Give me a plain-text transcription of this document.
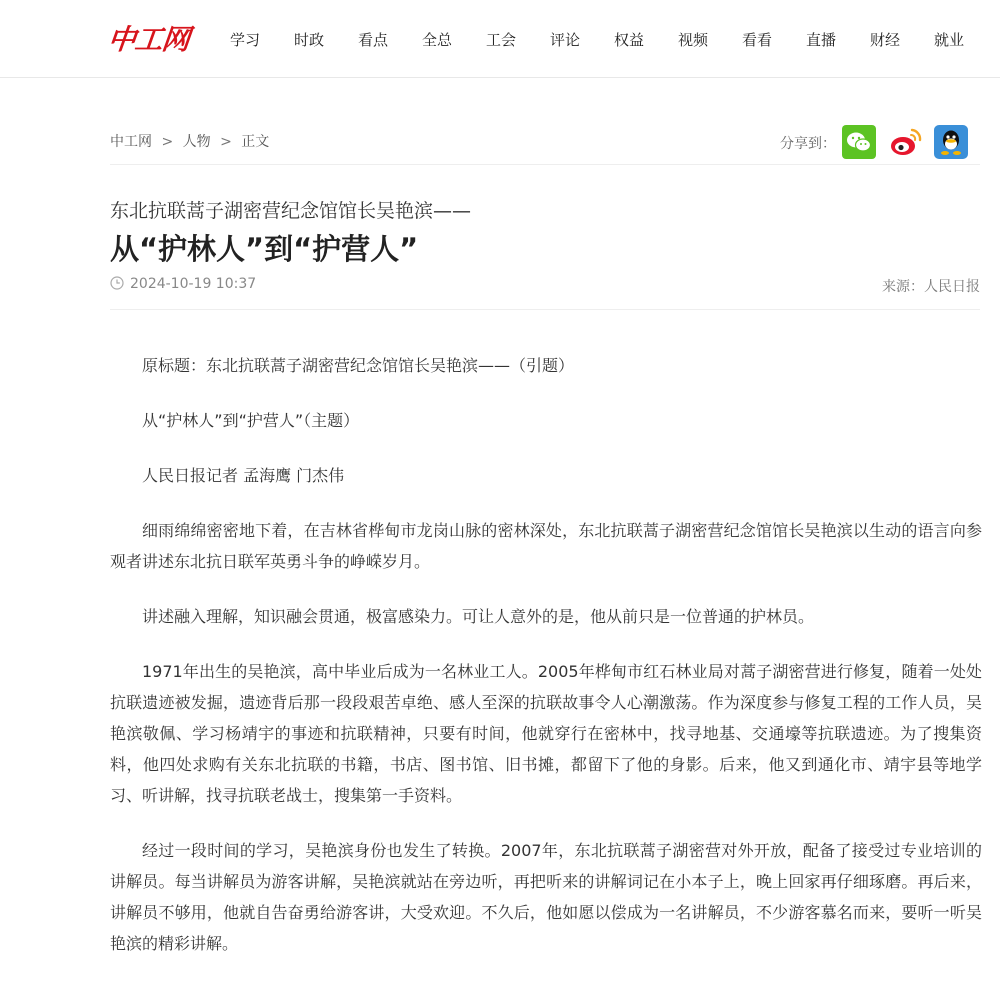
中工网	学习 时政 看点 全总 工会 评论 权益 视频 看看 直播 财经 就业
中工网 > 人物 > 正文	分享到：
东北抗联蒿子湖密营纪念馆馆长吴艳滨——
从“护林人”到“护营人”
2024-10-19 10:37	来源：人民日报

原标题：东北抗联蒿子湖密营纪念馆馆长吴艳滨——（引题）

从“护林人”到“护营人”（主题）

人民日报记者 孟海鹰 门杰伟

细雨绵绵密密地下着，在吉林省桦甸市龙岗山脉的密林深处，东北抗联蒿子湖密营纪念馆馆长吴艳滨以生动的语言向参观者讲述东北抗日联军英勇斗争的峥嵘岁月。

讲述融入理解，知识融会贯通，极富感染力。可让人意外的是，他从前只是一位普通的护林员。

1971年出生的吴艳滨，高中毕业后成为一名林业工人。2005年桦甸市红石林业局对蒿子湖密营进行修复，随着一处处抗联遗迹被发掘，遗迹背后那一段段艰苦卓绝、感人至深的抗联故事令人心潮激荡。作为深度参与修复工程的工作人员，吴艳滨敬佩、学习杨靖宇的事迹和抗联精神，只要有时间，他就穿行在密林中，找寻地基、交通壕等抗联遗迹。为了搜集资料，他四处求购有关东北抗联的书籍，书店、图书馆、旧书摊，都留下了他的身影。后来，他又到通化市、靖宇县等地学习、听讲解，找寻抗联老战士，搜集第一手资料。

经过一段时间的学习，吴艳滨身份也发生了转换。2007年，东北抗联蒿子湖密营对外开放，配备了接受过专业培训的讲解员。每当讲解员为游客讲解，吴艳滨就站在旁边听，再把听来的讲解词记在小本子上，晚上回家再仔细琢磨。再后来，讲解员不够用，他就自告奋勇给游客讲，大受欢迎。不久后，他如愿以偿成为一名讲解员，不少游客慕名而来，要听一听吴艳滨的精彩讲解。
